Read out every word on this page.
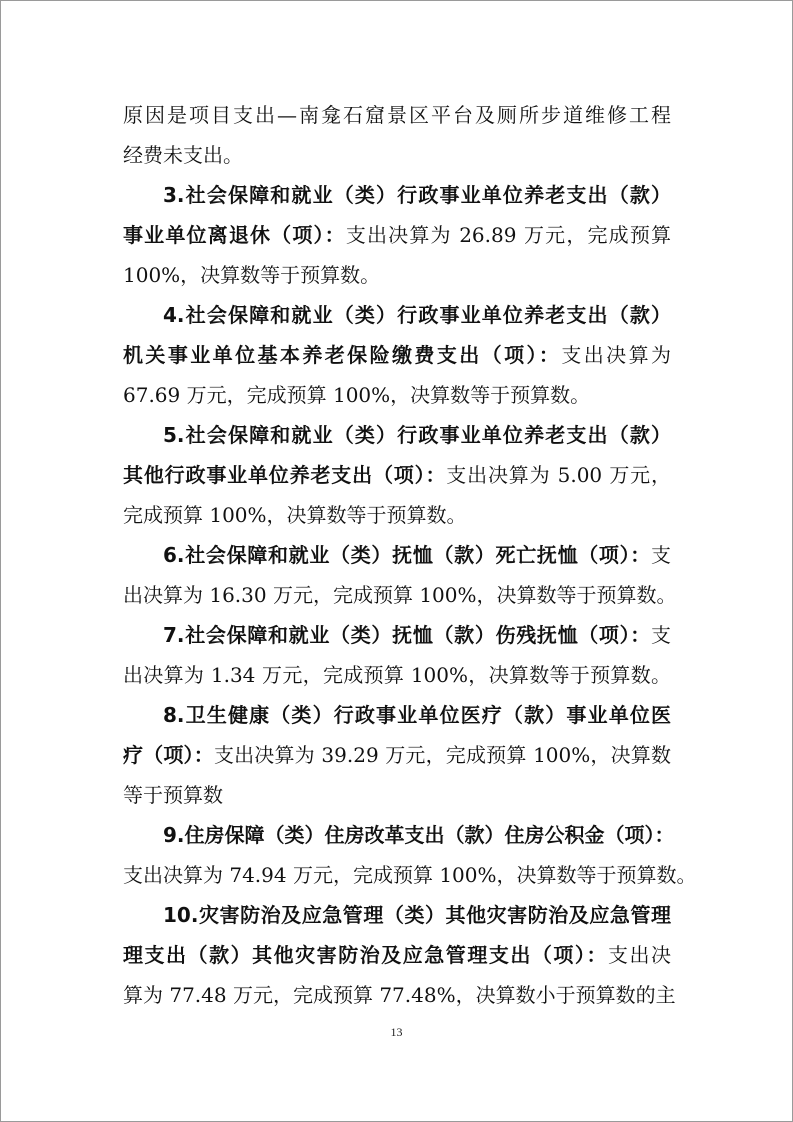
原因是项目支出—南龛石窟景区平台及厕所步道维修工程
经费未支出。
3.社会保障和就业（类）行政事业单位养老支出（款）
事业单位离退休（项）：支出决算为 26.89 万元，完成预算
100%，决算数等于预算数。
4.社会保障和就业（类）行政事业单位养老支出（款）
机关事业单位基本养老保险缴费支出（项）：支出决算为
67.69 万元，完成预算 100%，决算数等于预算数。
5.社会保障和就业（类）行政事业单位养老支出（款）
其他行政事业单位养老支出（项）：支出决算为 5.00 万元，
完成预算 100%，决算数等于预算数。
6.社会保障和就业（类）抚恤（款）死亡抚恤（项）：支
出决算为 16.30 万元，完成预算 100%，决算数等于预算数。
7.社会保障和就业（类）抚恤（款）伤残抚恤（项）：支
出决算为 1.34 万元，完成预算 100%，决算数等于预算数。
8.卫生健康（类）行政事业单位医疗（款）事业单位医
疗（项）：支出决算为 39.29 万元，完成预算 100%，决算数
等于预算数
9.住房保障（类）住房改革支出（款）住房公积金（项）：
支出决算为 74.94 万元，完成预算 100%，决算数等于预算数。
10.灾害防治及应急管理（类）其他灾害防治及应急管理
理支出（款）其他灾害防治及应急管理支出（项）：支出决
算为 77.48 万元，完成预算 77.48%，决算数小于预算数的主
13
